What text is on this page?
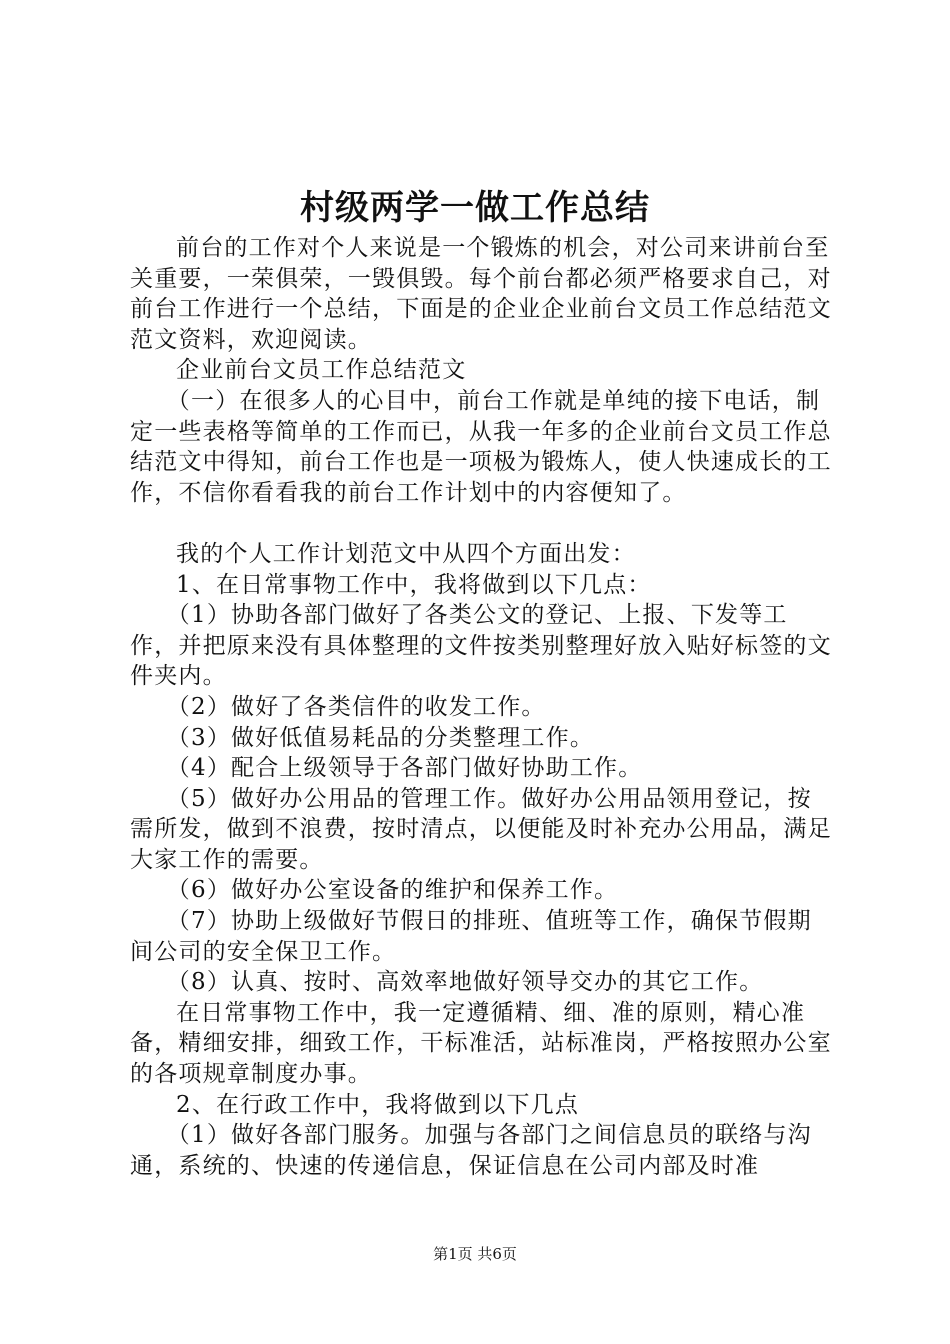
村级两学一做工作总结

前台的工作对个人来说是一个锻炼的机会，对公司来讲前台至关重要，一荣俱荣，一毁俱毁。每个前台都必须严格要求自己，对前台工作进行一个总结，下面是的企业企业前台文员工作总结范文范文资料，欢迎阅读。

企业前台文员工作总结范文

（一）在很多人的心目中，前台工作就是单纯的接下电话，制定一些表格等简单的工作而已，从我一年多的企业前台文员工作总结范文中得知，前台工作也是一项极为锻炼人，使人快速成长的工作，不信你看看我的前台工作计划中的内容便知了。

我的个人工作计划范文中从四个方面出发：

1、在日常事物工作中，我将做到以下几点：

（1）协助各部门做好了各类公文的登记、上报、下发等工作，并把原来没有具体整理的文件按类别整理好放入贴好标签的文件夹内。

（2）做好了各类信件的收发工作。

（3）做好低值易耗品的分类整理工作。

（4）配合上级领导于各部门做好协助工作。

（5）做好办公用品的管理工作。做好办公用品领用登记，按需所发，做到不浪费，按时清点，以便能及时补充办公用品，满足大家工作的需要。

（6）做好办公室设备的维护和保养工作。

（7）协助上级做好节假日的排班、值班等工作，确保节假期间公司的安全保卫工作。

（8）认真、按时、高效率地做好领导交办的其它工作。

在日常事物工作中，我一定遵循精、细、准的原则，精心准备，精细安排，细致工作，干标准活，站标准岗，严格按照办公室的各项规章制度办事。

2、在行政工作中，我将做到以下几点

（1）做好各部门服务。加强与各部门之间信息员的联络与沟通，系统的、快速的传递信息，保证信息在公司内部及时准

第1页 共6页
